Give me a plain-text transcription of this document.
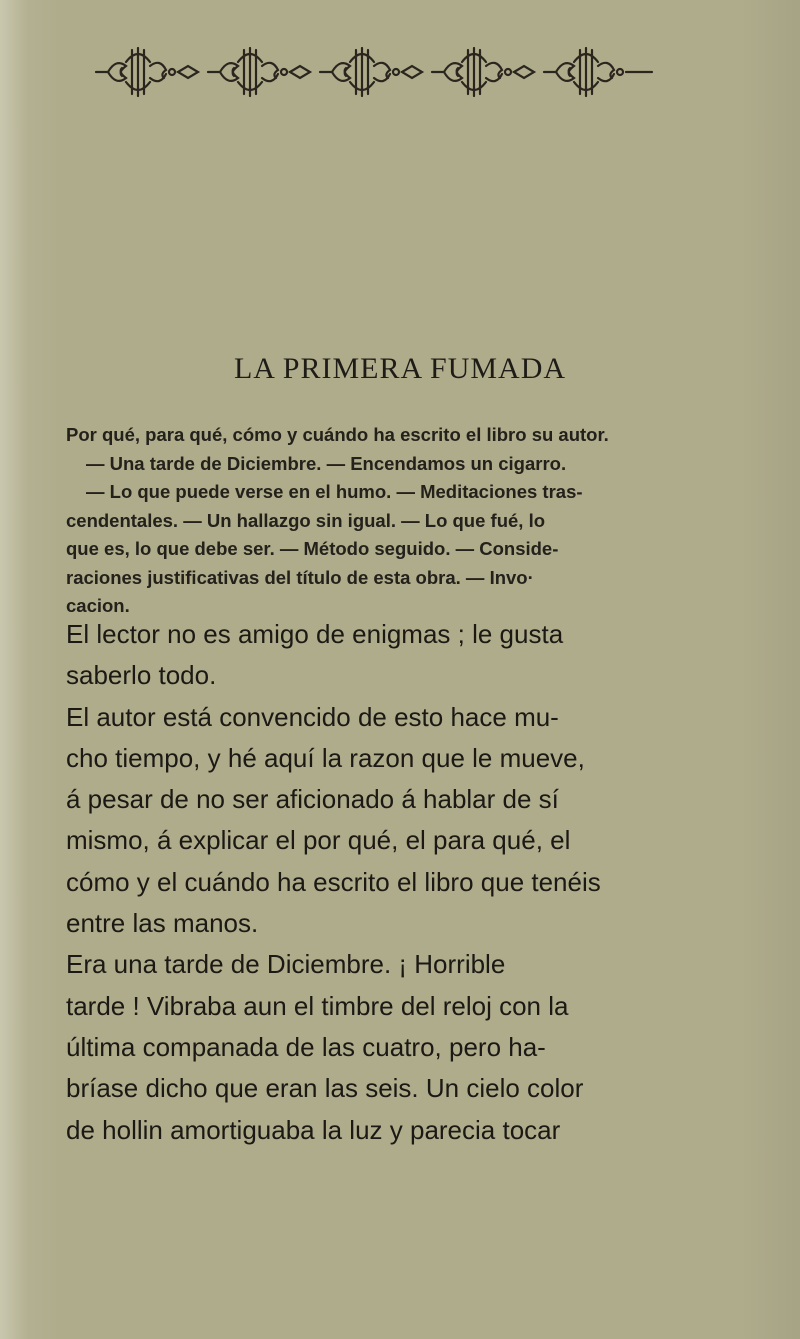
LA PRIMERA FUMADA

Por qué, para qué, cómo y cuándo ha escrito el libro su autor.
— Una tarde de Diciembre. — Encendamos un cigarro.
— Lo que puede verse en el humo. — Meditaciones tras-
cendentales. — Un hallazgo sin igual. — Lo que fué, lo
que es, lo que debe ser. — Método seguido. — Conside-
raciones justificativas del título de esta obra. — Invo·
cacion.

El lector no es amigo de enigmas ; le gusta
saberlo todo.
El autor está convencido de esto hace mu-
cho tiempo, y hé aquí la razon que le mueve,
á pesar de no ser aficionado á hablar de sí
mismo, á explicar el por qué, el para qué, el
cómo y el cuándo ha escrito el libro que tenéis
entre las manos.
Era una tarde de Diciembre. ¡ Horrible
tarde ! Vibraba aun el timbre del reloj con la
última companada de las cuatro, pero ha-
bríase dicho que eran las seis. Un cielo color
de hollin amortiguaba la luz y parecia tocar
